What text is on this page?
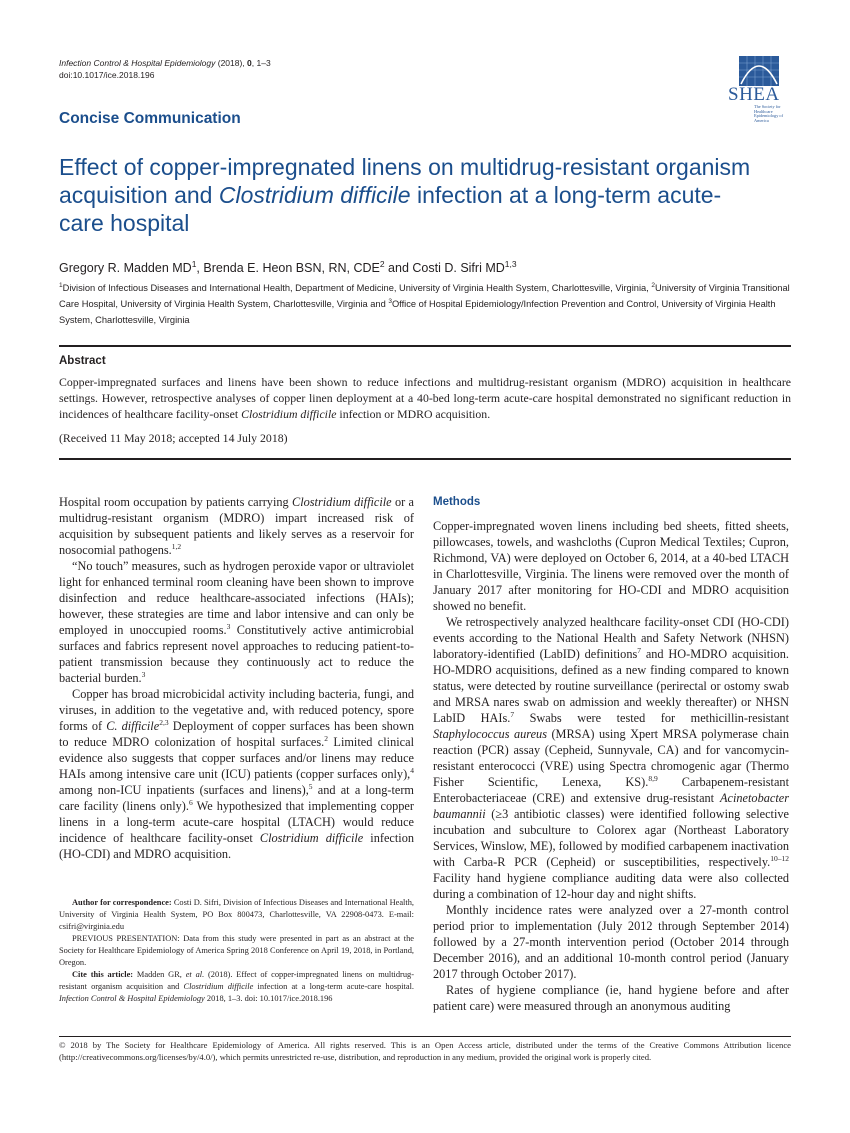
Infection Control & Hospital Epidemiology (2018), 0, 1–3
doi:10.1017/ice.2018.196
SHEA
The Society for Healthcare Epidemiology of America
Concise Communication
Effect of copper-impregnated linens on multidrug-resistant organism acquisition and Clostridium difficile infection at a long-term acute-care hospital
Gregory R. Madden $MD^1$, Brenda E. Heon BSN, RN, CDE$^2$ and Costi D. Sifri MD$^{1,3}$
$^1$Division of Infectious Diseases and International Health, Department of Medicine, University of Virginia Health System, Charlottesville, Virginia, $^2$University of Virginia Transitional Care Hospital, University of Virginia Health System, Charlottesville, Virginia and $^3$Office of Hospital Epidemiology/Infection Prevention and Control, University of Virginia Health System, Charlottesville, Virginia
Abstract
Copper-impregnated surfaces and linens have been shown to reduce infections and multidrug-resistant organism (MDRO) acquisition in healthcare settings. However, retrospective analyses of copper linen deployment at a 40-bed long-term acute-care hospital demonstrated no significant reduction in incidences of healthcare facility-onset Clostridium difficile infection or MDRO acquisition.
(Received 11 May 2018; accepted 14 July 2018)

Hospital room occupation by patients carrying Clostridium difficile or a multidrug-resistant organism (MDRO) impart increased risk of acquisition by subsequent patients and likely serves as a reservoir for nosocomial pathogens.$^{1,2}$

“No touch” measures, such as hydrogen peroxide vapor or ultraviolet light for enhanced terminal room cleaning have been shown to improve disinfection and reduce healthcare-associated infections (HAIs); however, these strategies are time and labor intensive and can only be employed in unoccupied rooms.$^3$ Constitutively active antimicrobial surfaces and fabrics represent novel approaches to reducing patient-to-patient transmission because they continuously act to reduce the bacterial burden.$^3$

Copper has broad microbicidal activity including bacteria, fungi, and viruses, in addition to the vegetative and, with reduced potency, spore forms of C. difficile$^{2,3}$ Deployment of copper surfaces has been shown to reduce MDRO colonization of hospital surfaces.$^2$ Limited clinical evidence also suggests that copper surfaces and/or linens may reduce HAIs among intensive care unit (ICU) patients (copper surfaces only),$^4$ among non-ICU inpatients (surfaces and linens),$^5$ and at a long-term care facility (linens only).$^6$ We hypothesized that implementing copper linens in a long-term acute-care hospital (LTACH) would reduce incidence of healthcare facility-onset Clostridium difficile infection (HO-CDI) and MDRO acquisition.

Author for correspondence: Costi D. Sifri, Division of Infectious Diseases and International Health, University of Virginia Health System, PO Box 800473, Charlottesville, VA 22908-0473. E-mail: csifri@virginia.edu

PREVIOUS PRESENTATION: Data from this study were presented in part as an abstract at the Society for Healthcare Epidemiology of America Spring 2018 Conference on April 19, 2018, in Portland, Oregon.

Cite this article: Madden GR, et al. (2018). Effect of copper-impregnated linens on multidrug-resistant organism acquisition and Clostridium difficile infection at a long-term acute-care hospital. Infection Control & Hospital Epidemiology 2018, 1–3. doi: 10.1017/ice.2018.196

Methods

Copper-impregnated woven linens including bed sheets, fitted sheets, pillowcases, towels, and washcloths (Cupron Medical Textiles; Cupron, Richmond, VA) were deployed on October 6, 2014, at a 40-bed LTACH in Charlottesville, Virginia. The linens were removed over the month of January 2017 after monitoring for HO-CDI and MDRO acquisition showed no benefit.

We retrospectively analyzed healthcare facility-onset CDI (HO-CDI) events according to the National Health and Safety Network (NHSN) laboratory-identified (LabID) definitions$^7$ and HO-MDRO acquisition. HO-MDRO acquisitions, defined as a new finding compared to known status, were detected by routine surveillance (perirectal or ostomy swab and MRSA nares swab on admission and weekly thereafter) or NHSN LabID HAIs.$^7$ Swabs were tested for methicillin-resistant Staphylococcus aureus (MRSA) using Xpert MRSA polymerase chain reaction (PCR) assay (Cepheid, Sunnyvale, CA) and for vancomycin-resistant enterococci (VRE) using Spectra chromogenic agar (Thermo Fisher Scientific, Lenexa, KS).$^{8,9}$ Carbapenem-resistant Enterobacteriaceae (CRE) and extensive drug-resistant Acinetobacter baumannii (≥3 antibiotic classes) were identified following selective incubation and subculture to Colorex agar (Northeast Laboratory Services, Winslow, ME), followed by modified carbapenem inactivation with Carba-R PCR (Cepheid) or susceptibilities, respectively.$^{10-12}$ Facility hand hygiene compliance auditing data were also collected during a combination of 12-hour day and night shifts.

Monthly incidence rates were analyzed over a 27-month control period prior to implementation (July 2012 through September 2014) followed by a 27-month intervention period (October 2014 through December 2016), and an additional 10-month control period (January 2017 through October 2017).

Rates of hygiene compliance (ie, hand hygiene before and after patient care) were measured through an anonymous auditing

© 2018 by The Society for Healthcare Epidemiology of America. All rights reserved. This is an Open Access article, distributed under the terms of the Creative Commons Attribution licence (http://creativecommons.org/licenses/by/4.0/), which permits unrestricted re-use, distribution, and reproduction in any medium, provided the original work is properly cited.
